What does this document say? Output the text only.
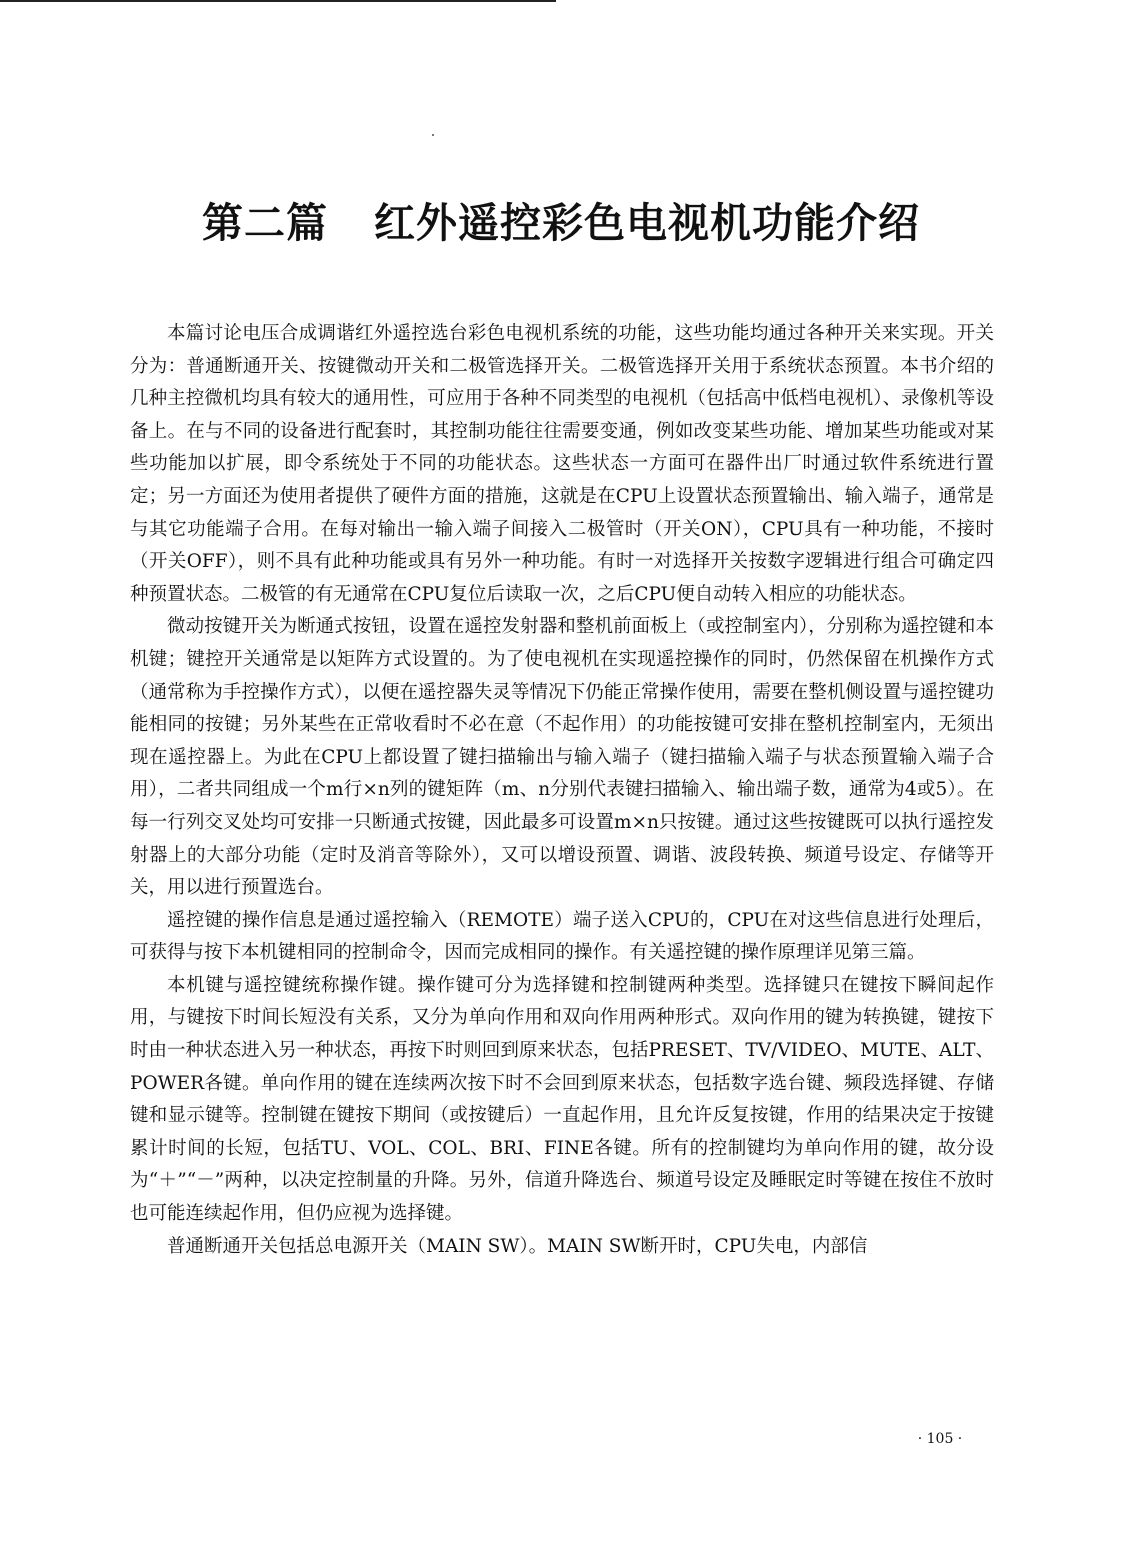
第二篇 红外遥控彩色电视机功能介绍

本篇讨论电压合成调谐红外遥控选台彩色电视机系统的功能，这些功能均通过各种开关来实现。开关分为：普通断通开关、按键微动开关和二极管选择开关。二极管选择开关用于系统状态预置。本书介绍的几种主控微机均具有较大的通用性，可应用于各种不同类型的电视机（包括高中低档电视机）、录像机等设备上。在与不同的设备进行配套时，其控制功能往往需要变通，例如改变某些功能、增加某些功能或对某些功能加以扩展，即令系统处于不同的功能状态。这些状态一方面可在器件出厂时通过软件系统进行置定；另一方面还为使用者提供了硬件方面的措施，这就是在CPU上设置状态预置输出、输入端子，通常是与其它功能端子合用。在每对输出一输入端子间接入二极管时（开关ON），CPU具有一种功能，不接时（开关OFF），则不具有此种功能或具有另外一种功能。有时一对选择开关按数字逻辑进行组合可确定四种预置状态。二极管的有无通常在CPU复位后读取一次，之后CPU便自动转入相应的功能状态。

微动按键开关为断通式按钮，设置在遥控发射器和整机前面板上（或控制室内），分别称为遥控键和本机键；键控开关通常是以矩阵方式设置的。为了使电视机在实现遥控操作的同时，仍然保留在机操作方式（通常称为手控操作方式），以便在遥控器失灵等情况下仍能正常操作使用，需要在整机侧设置与遥控键功能相同的按键；另外某些在正常收看时不必在意（不起作用）的功能按键可安排在整机控制室内，无须出现在遥控器上。为此在CPU上都设置了键扫描输出与输入端子（键扫描输入端子与状态预置输入端子合用），二者共同组成一个m行×n列的键矩阵（m、n分别代表键扫描输入、输出端子数，通常为4或5）。在每一行列交叉处均可安排一只断通式按键，因此最多可设置m×n只按键。通过这些按键既可以执行遥控发射器上的大部分功能（定时及消音等除外），又可以增设预置、调谐、波段转换、频道号设定、存储等开关，用以进行预置选台。

遥控键的操作信息是通过遥控输入（REMOTE）端子送入CPU的，CPU在对这些信息进行处理后，可获得与按下本机键相同的控制命令，因而完成相同的操作。有关遥控键的操作原理详见第三篇。

本机键与遥控键统称操作键。操作键可分为选择键和控制键两种类型。选择键只在键按下瞬间起作用，与键按下时间长短没有关系，又分为单向作用和双向作用两种形式。双向作用的键为转换键，键按下时由一种状态进入另一种状态，再按下时则回到原来状态，包括PRESET、TV/VIDEO、MUTE、ALT、POWER各键。单向作用的键在连续两次按下时不会回到原来状态，包括数字选台键、频段选择键、存储键和显示键等。控制键在键按下期间（或按键后）一直起作用，且允许反复按键，作用的结果决定于按键累计时间的长短，包括TU、VOL、COL、BRI、FINE各键。所有的控制键均为单向作用的键，故分设为“＋”“－”两种，以决定控制量的升降。另外，信道升降选台、频道号设定及睡眠定时等键在按住不放时也可能连续起作用，但仍应视为选择键。

普通断通开关包括总电源开关（MAIN SW）。MAIN SW断开时，CPU失电，内部信

· 105 ·
